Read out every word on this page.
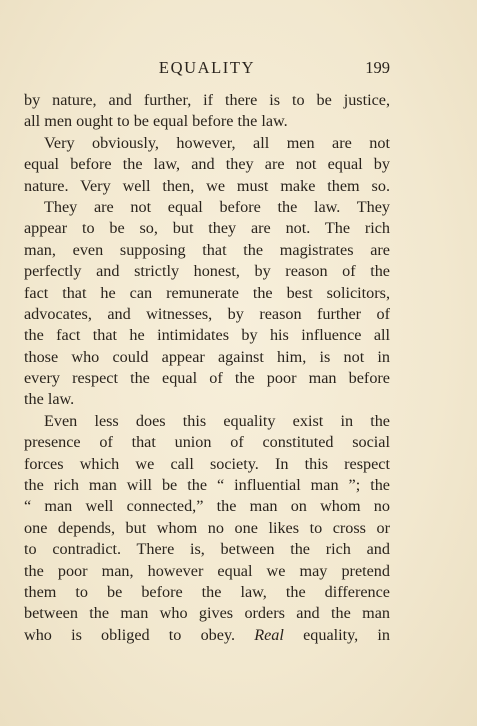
EQUALITY	199
by nature, and further, if there is to be justice,
all men ought to be equal before the law.
Very obviously, however, all men are not
equal before the law, and they are not equal by
nature. Very well then, we must make them so.
They are not equal before the law. They
appear to be so, but they are not. The rich
man, even supposing that the magistrates are
perfectly and strictly honest, by reason of the
fact that he can remunerate the best solicitors,
advocates, and witnesses, by reason further of
the fact that he intimidates by his influence all
those who could appear against him, is not in
every respect the equal of the poor man before
the law.
Even less does this equality exist in the
presence of that union of constituted social
forces which we call society. In this respect
the rich man will be the “ influential man ”; the
“ man well connected,” the man on whom no
one depends, but whom no one likes to cross or
to contradict. There is, between the rich and
the poor man, however equal we may pretend
them to be before the law, the difference
between the man who gives orders and the man
who is obliged to obey. Real equality, in
